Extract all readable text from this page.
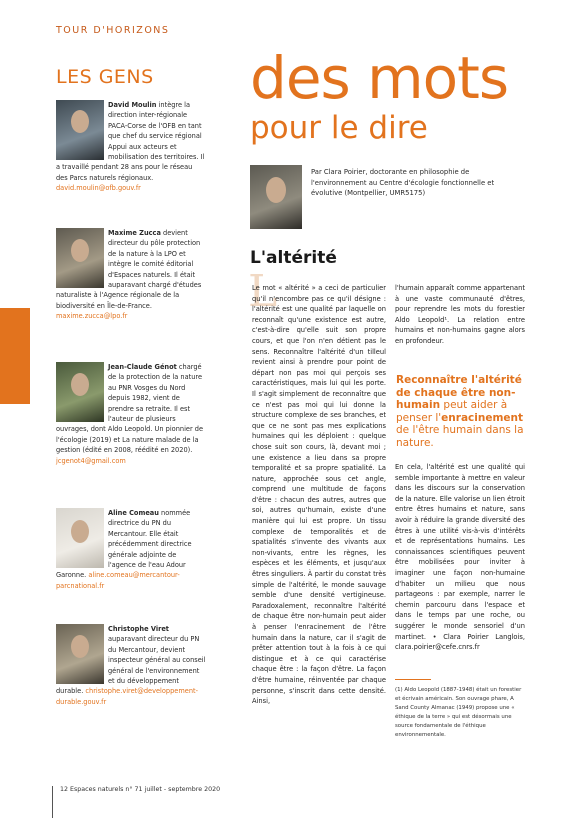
TOUR D'HORIZONS
LES GENS des mots
pour le dire
Par Clara Poirier, doctorante en philosophie de l'environnement au Centre d'écologie fonctionnelle et évolutive (Montpellier, UMR5175)
David Moulin intègre la direction inter-régionale PACA-Corse de l'OFB en tant que chef du service régional Appui aux acteurs et mobilisation des territoires. Il a travaillé pendant 28 ans pour le réseau des Parcs naturels régionaux. david.moulin@ofb.gouv.fr
Maxime Zucca devient directeur du pôle protection de la nature à la LPO et intègre le comité éditorial d'Espaces naturels. Il était auparavant chargé d'études naturaliste à l'Agence régionale de la biodiversité en Île-de-France. maxime.zucca@lpo.fr
Jean-Claude Génot chargé de la protection de la nature au PNR Vosges du Nord depuis 1982, vient de prendre sa retraite. Il est l'auteur de plusieurs ouvrages, dont Aldo Leopold. Un pionnier de l'écologie (2019) et La nature malade de la gestion (édité en 2008, réédité en 2020). jcgenot4@gmail.com
Aline Comeau nommée directrice du PN du Mercantour. Elle était précédemment directrice générale adjointe de l'agence de l'eau Adour Garonne. aline.comeau@mercantour-parcnational.fr
Christophe Viret auparavant directeur du PN du Mercantour, devient inspecteur général au conseil général de l'environnement et du développement durable. christophe.viret@developpement-durable.gouv.fr
L'altérité
L
Le mot « altérité » a ceci de particulier qu'il n'encombre pas ce qu'il désigne : l'altérité est une qualité par laquelle on reconnaît qu'une existence est autre, c'est-à-dire qu'elle suit son propre cours, et que l'on n'en détient pas le sens. Reconnaître l'altérité d'un tilleul revient ainsi à prendre pour point de départ non pas moi qui perçois ses caractéristiques, mais lui qui les porte. Il s'agit simplement de reconnaître que ce n'est pas moi qui lui donne la structure complexe de ses branches, et que ce ne sont pas mes explications humaines qui les déploient : quelque chose suit son cours, là, devant moi ; une existence a lieu dans sa propre temporalité et sa propre spatialité. La nature, approchée sous cet angle, comprend une multitude de façons d'être : chacun des autres, autres que soi, autres qu'humain, existe d'une manière qui lui est propre. Un tissu complexe de temporalités et de spatialités s'invente des vivants aux non-vivants, entre les règnes, les espèces et les éléments, et jusqu'aux êtres singuliers. À partir du constat très simple de l'altérité, le monde sauvage semble d'une densité vertigineuse. Paradoxalement, reconnaître l'altérité de chaque être non-humain peut aider à penser l'enracinement de l'être humain dans la nature, car il s'agit de prêter attention tout à la fois à ce qui distingue et à ce qui caractérise chaque être : la façon d'être. La façon d'être humaine, réinventée par chaque personne, s'inscrit dans cette densité. Ainsi,
l'humain apparaît comme appartenant à une vaste communauté d'êtres, pour reprendre les mots du forestier Aldo Leopold¹. La relation entre humains et non-humains gagne alors en profondeur.
Reconnaître l'altérité de chaque être non-humain peut aider à penser l'enracinement de l'être humain dans la nature.
En cela, l'altérité est une qualité qui semble importante à mettre en valeur dans les discours sur la conservation de la nature. Elle valorise un lien étroit entre êtres humains et nature, sans avoir à réduire la grande diversité des êtres à une utilité vis-à-vis d'intérêts et de représentations humains. Les connaissances scientifiques peuvent être mobilisées pour inviter à imaginer une façon non-humaine d'habiter un milieu que nous partageons : par exemple, narrer le chemin parcouru dans l'espace et dans le temps par une roche, ou suggérer le monde sensoriel d'un martinet. • Clara Poirier Langlois, clara.poirier@cefe.cnrs.fr
(1) Aldo Leopold (1887-1948) était un forestier et écrivain américain. Son ouvrage phare, A Sand County Almanac (1949) propose une « éthique de la terre » qui est désormais une source fondamentale de l'éthique environnementale.
12 Espaces naturels n° 71 juillet - septembre 2020
